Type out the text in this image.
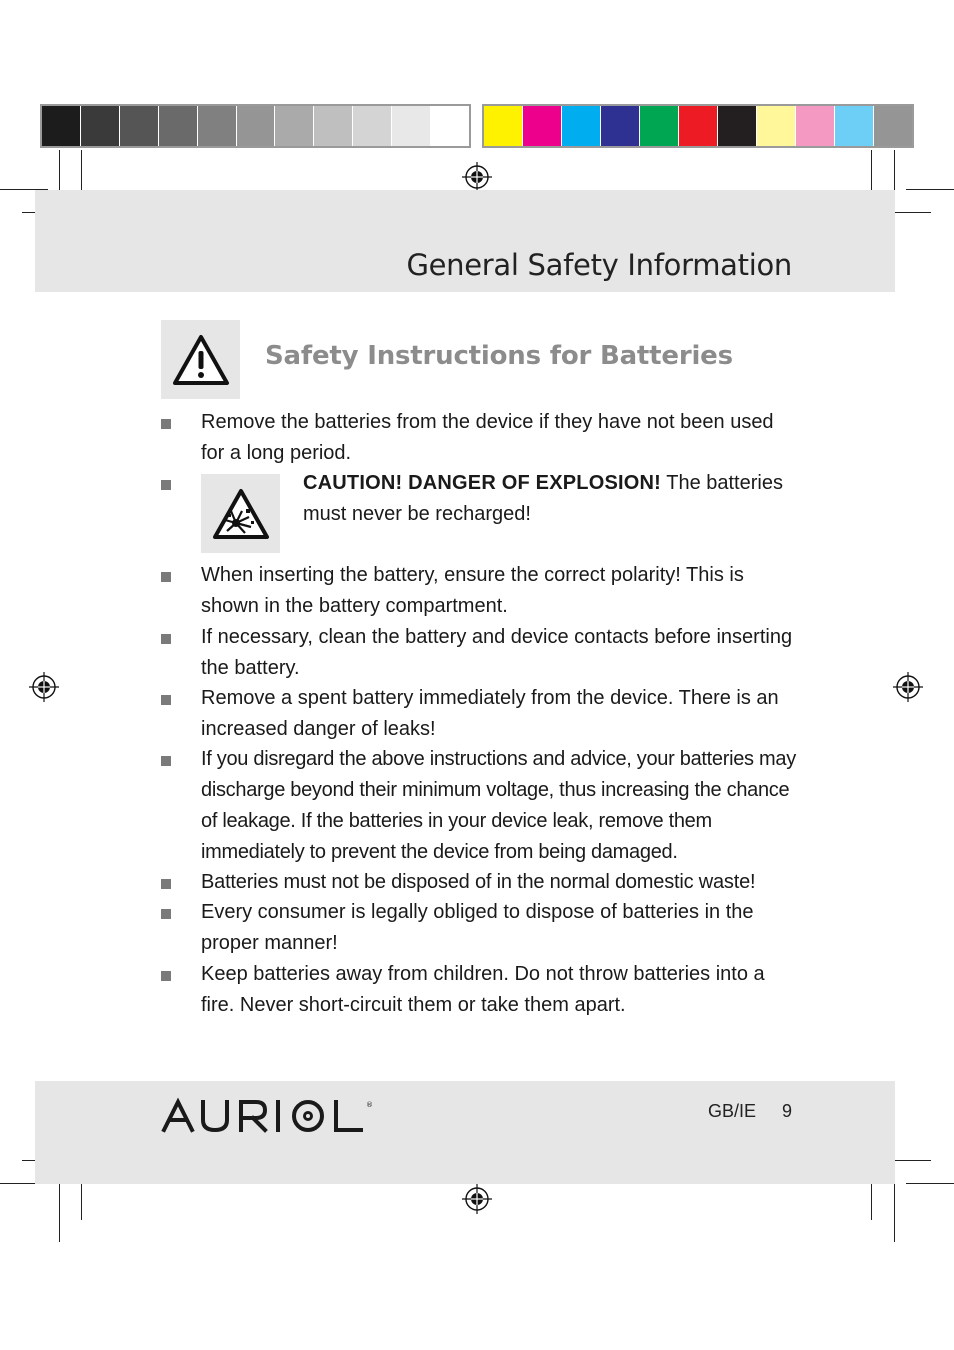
General Safety Information
Safety Instructions for Batteries
Remove the batteries from the device if they have not been used for a long period.
CAUTION! DANGER OF EXPLOSION! The batteries must never be recharged!
When inserting the battery, ensure the correct polarity! This is shown in the battery compartment.
If necessary, clean the battery and device contacts before inserting the battery.
Remove a spent battery immediately from the device. There is an increased danger of leaks!
If you disregard the above instructions and advice, your batteries may discharge beyond their minimum voltage, thus increasing the chance of leakage. If the batteries in your device leak, remove them immediately to prevent the device from being damaged.
Batteries must not be disposed of in the normal domestic waste!
Every consumer is legally obliged to dispose of batteries in the proper manner!
Keep batteries away from children. Do not throw batteries into a fire. Never short-circuit them or take them apart.
®	GB/IE 9
